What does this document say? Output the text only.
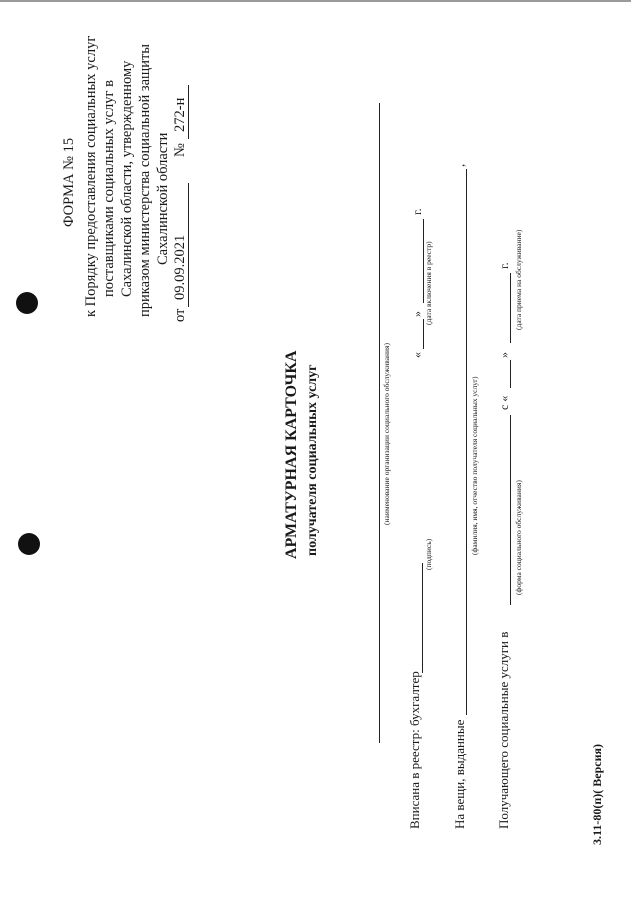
ФОРМА № 15 к Порядку предоставления социальных услуг поставщиками социальных услуг в Сахалинской области, утвержденному приказом министерства социальной защиты Сахалинской области
от
09.09.2021
№
272-н
АРМАТУРНАЯ КАРТОЧКА получателя социальных услуг	(наименование организации социального обслуживания)
Вписана в реестр: бухгалтер
(подпись)
«
»
г.
(дата включения в реестр)
На вещи, выданные
,
(фамилия, имя, отчество получателя социальных услуг)
Получающего социальные услуги в
с «
»
г.
(форма социального обслуживания)
(дата приема на обслуживание)
3.11-80(п)( Версия)
